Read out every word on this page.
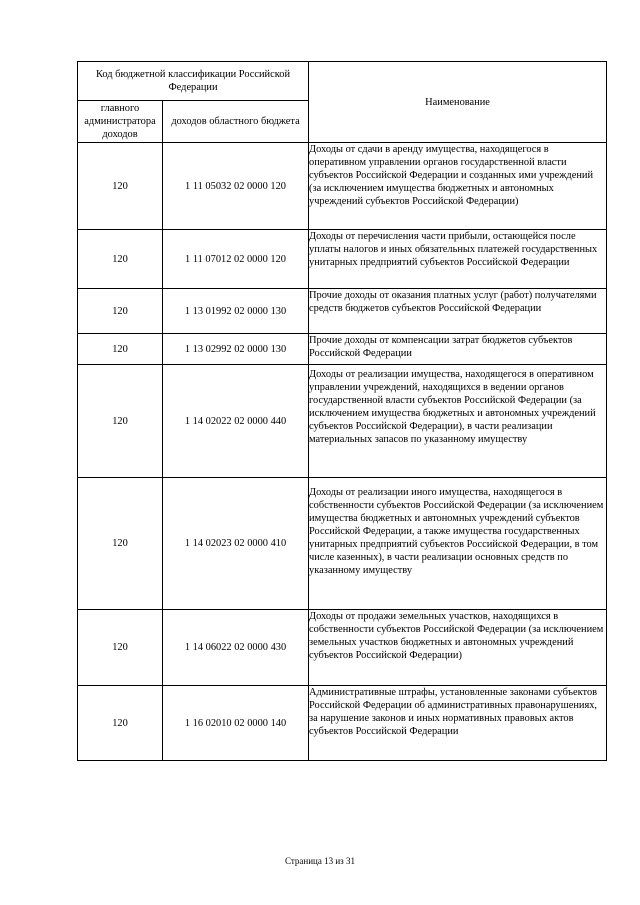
Код бюджетной классификации Российской Федерации		Наименование
главного администратора доходов	доходов областного бюджета	
120	1 11 05032 02 0000 120	Доходы от сдачи в аренду имущества, находящегося в оперативном управлении органов государственной власти субъектов Российской Федерации и созданных ими учреждений (за исключением имущества бюджетных и автономных учреждений субъектов Российской Федерации)
120	1 11 07012 02 0000 120	Доходы от перечисления части прибыли, остающейся после уплаты налогов и иных обязательных платежей государственных унитарных предприятий субъектов Российской Федерации
120	1 13 01992 02 0000 130	Прочие доходы от оказания платных услуг (работ) получателями средств бюджетов субъектов Российской Федерации
120	1 13 02992 02 0000 130	Прочие доходы от компенсации затрат бюджетов субъектов Российской Федерации
120	1 14 02022 02 0000 440	Доходы от реализации имущества, находящегося в оперативном управлении учреждений, находящихся в ведении органов государственной власти субъектов Российской Федерации (за исключением имущества бюджетных и автономных учреждений субъектов Российской Федерации), в части реализации материальных запасов по указанному имуществу
120	1 14 02023 02 0000 410	Доходы от реализации иного имущества, находящегося в собственности субъектов Российской Федерации (за исключением имущества бюджетных и автономных учреждений субъектов Российской Федерации, а также имущества государственных унитарных предприятий субъектов Российской Федерации, в том числе казенных), в части реализации основных средств по указанному имуществу
120	1 14 06022 02 0000 430	Доходы от продажи земельных участков, находящихся в собственности субъектов Российской Федерации (за исключением земельных участков бюджетных и автономных учреждений субъектов Российской Федерации)
120	1 16 02010 02 0000 140	Административные штрафы, установленные законами субъектов Российской Федерации об административных правонарушениях, за нарушение законов и иных нормативных правовых актов субъектов Российской Федерации
Страница 13 из 31
